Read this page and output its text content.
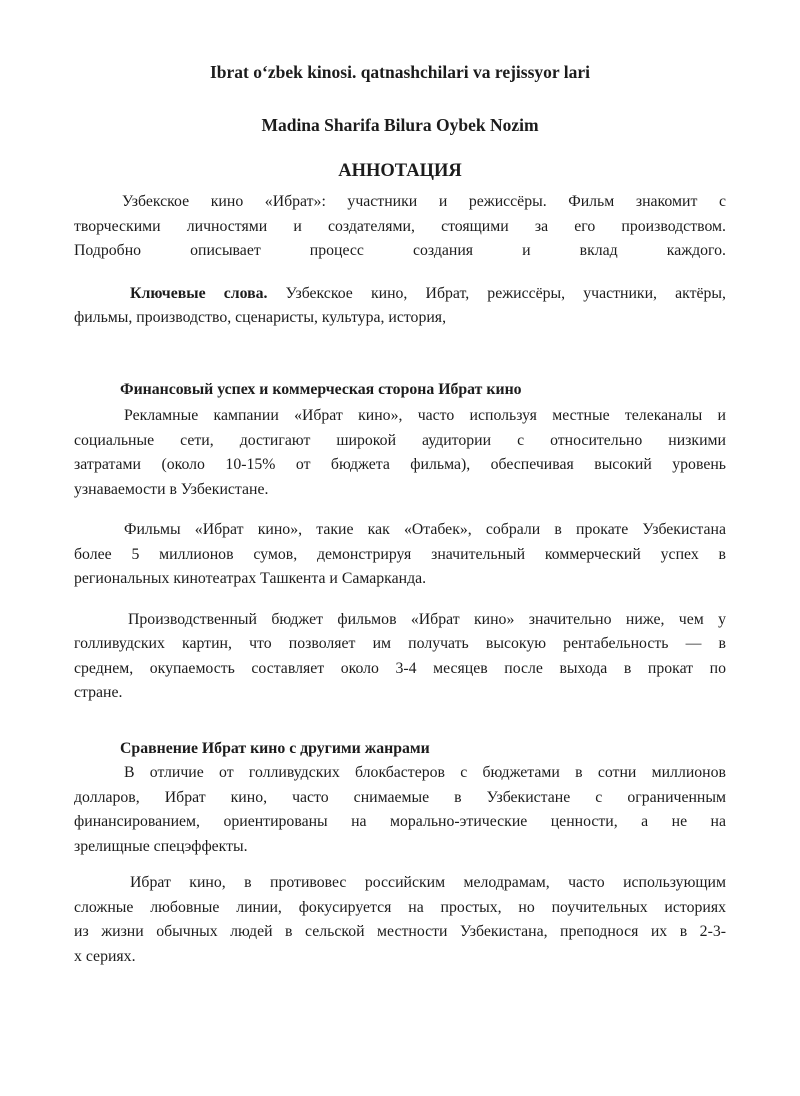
Ibrat o‘zbek kinosi. qatnashchilari va rejissyor lari
Madina Sharifa Bilura Oybek Nozim
АННОТАЦИЯ
Узбекское кино «Ибрат»: участники и режиссёры. Фильм знакомит с
творческими личностями и создателями, стоящими за его производством.
Подробно описывает процесс создания и вклад каждого.
Ключевые слова. Узбекское кино, Ибрат, режиссёры, участники, актёры,
фильмы, производство, сценаристы, культура, история,
Финансовый успех и коммерческая сторона Ибрат кино
Рекламные кампании «Ибрат кино», часто используя местные телеканалы и
социальные сети, достигают широкой аудитории с относительно низкими
затратами (около 10-15% от бюджета фильма), обеспечивая высокий уровень
узнаваемости в Узбекистане.
Фильмы «Ибрат кино», такие как «Отабек», собрали в прокате Узбекистана
более 5 миллионов сумов, демонстрируя значительный коммерческий успех в
региональных кинотеатрах Ташкента и Самарканда.
Производственный бюджет фильмов «Ибрат кино» значительно ниже, чем у
голливудских картин, что позволяет им получать высокую рентабельность — в
среднем, окупаемость составляет около 3-4 месяцев после выхода в прокат по
стране.
Сравнение Ибрат кино с другими жанрами
В отличие от голливудских блокбастеров с бюджетами в сотни миллионов
долларов, Ибрат кино, часто снимаемые в Узбекистане с ограниченным
финансированием, ориентированы на морально-этические ценности, а не на
зрелищные спецэффекты.
Ибрат кино, в противовес российским мелодрамам, часто использующим
сложные любовные линии, фокусируется на простых, но поучительных историях
из жизни обычных людей в сельской местности Узбекистана, преподнося их в 2-3-
х сериях.
